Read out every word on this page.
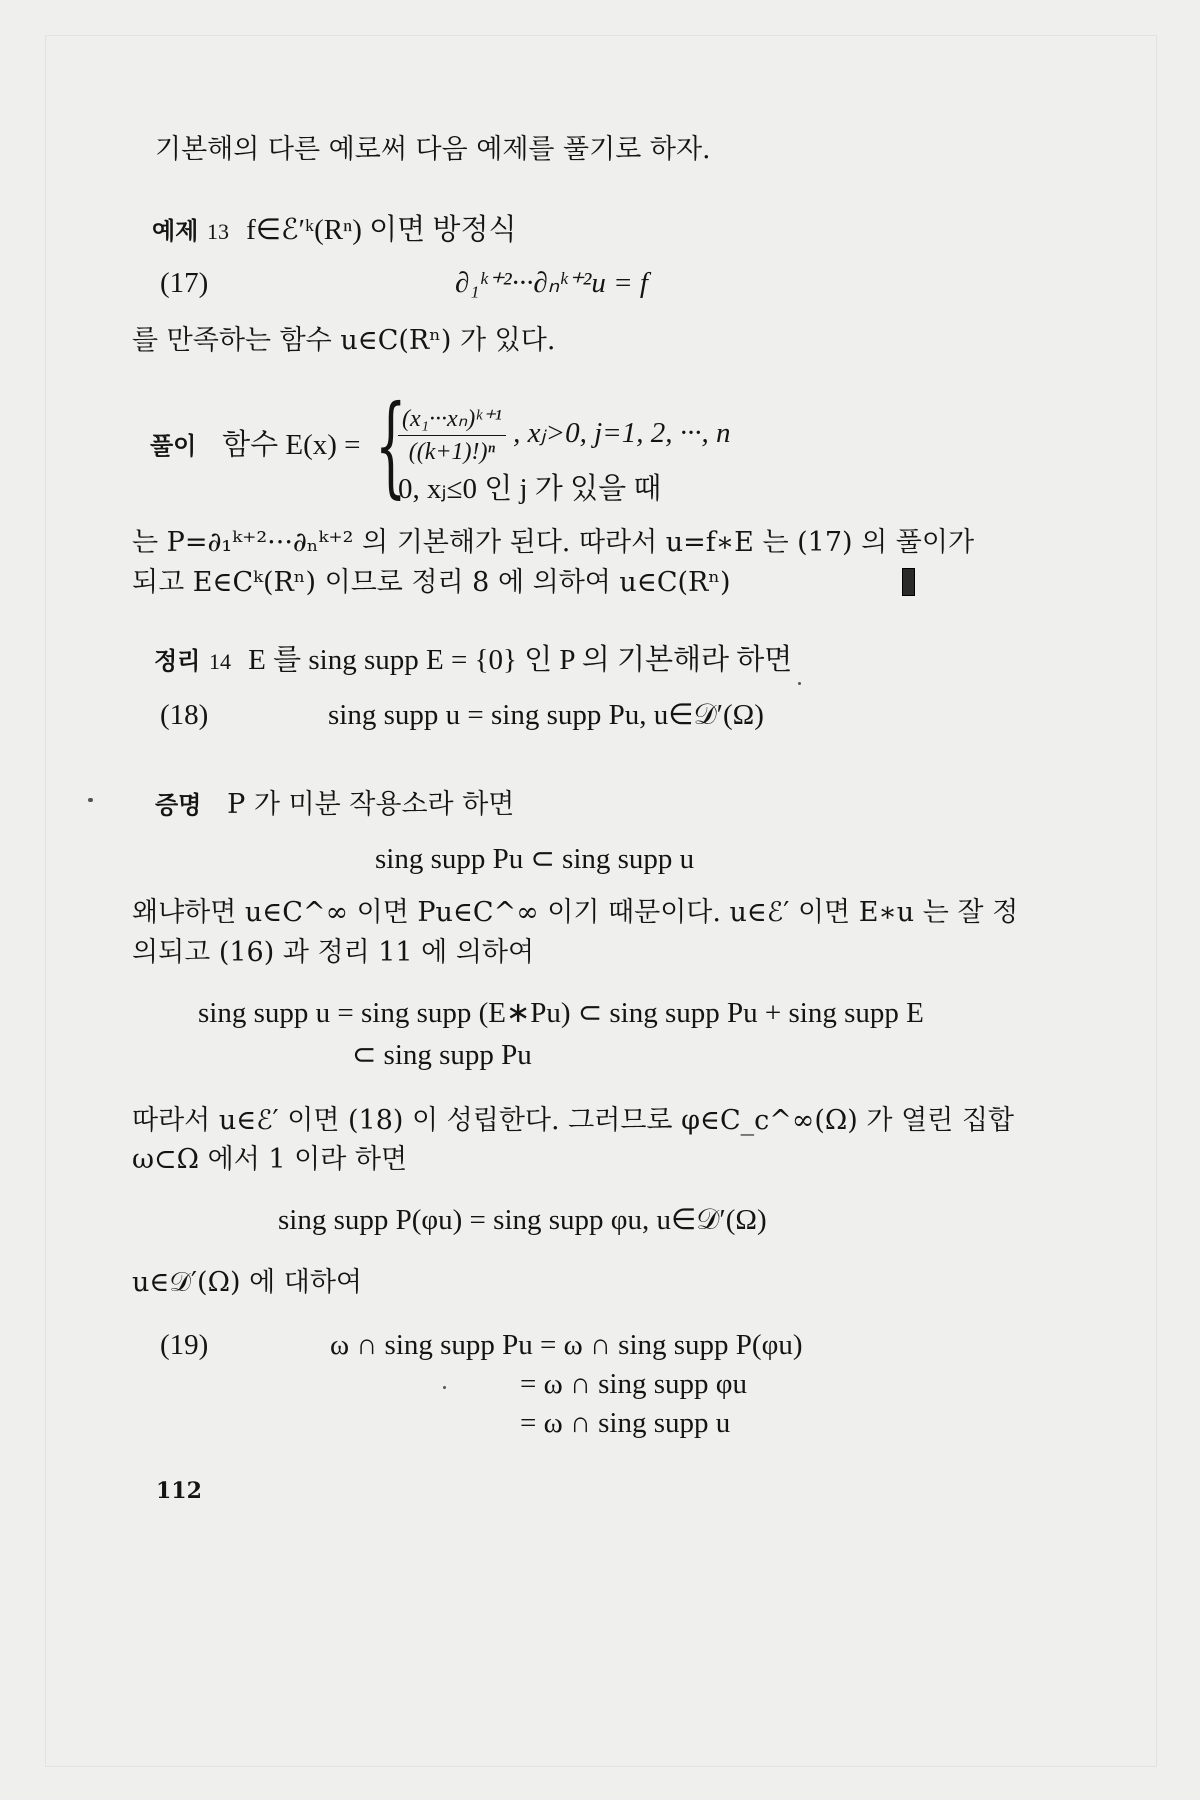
기본해의 다른 예로써 다음 예제를 풀기로 하자.
예제 13 f∈ℰ′ᵏ(Rⁿ) 이면 방정식
(17)	∂₁ᵏ⁺²···∂ₙᵏ⁺²u = f
를 만족하는 함수 u∈C(Rⁿ) 가 있다.
풀이 함수 E(x) = {
$\frac{\text{(x₁···xₙ)ᵏ⁺¹}}{\text{((k+1)!)ⁿ}}$ , xⱼ>0, j=1, 2, ···, n
0, xⱼ≤0 인 j 가 있을 때
는 P=∂₁ᵏ⁺²···∂ₙᵏ⁺² 의 기본해가 된다. 따라서 u=f∗E 는 (17) 의 풀이가
되고 E∈Cᵏ(Rⁿ) 이므로 정리 8 에 의하여 u∈C(Rⁿ)
정리 14 E 를 sing supp E = {0} 인 P 의 기본해라 하면
(18)	sing supp u = sing supp Pu, u∈𝒟′(Ω)
증명 P 가 미분 작용소라 하면
sing supp Pu ⊂ sing supp u
왜냐하면 u∈C^∞ 이면 Pu∈C^∞ 이기 때문이다. u∈ℰ′ 이면 E∗u 는 잘 정
의되고 (16) 과 정리 11 에 의하여
sing supp u = sing supp (E∗Pu) ⊂ sing supp Pu + sing supp E
⊂ sing supp Pu
따라서 u∈ℰ′ 이면 (18) 이 성립한다. 그러므로 φ∈C_c^∞(Ω) 가 열린 집합
ω⊂Ω 에서 1 이라 하면
sing supp P(φu) = sing supp φu, u∈𝒟′(Ω)
u∈𝒟′(Ω) 에 대하여
(19)	ω ∩ sing supp Pu = ω ∩ sing supp P(φu)
= ω ∩ sing supp φu
= ω ∩ sing supp u
112
